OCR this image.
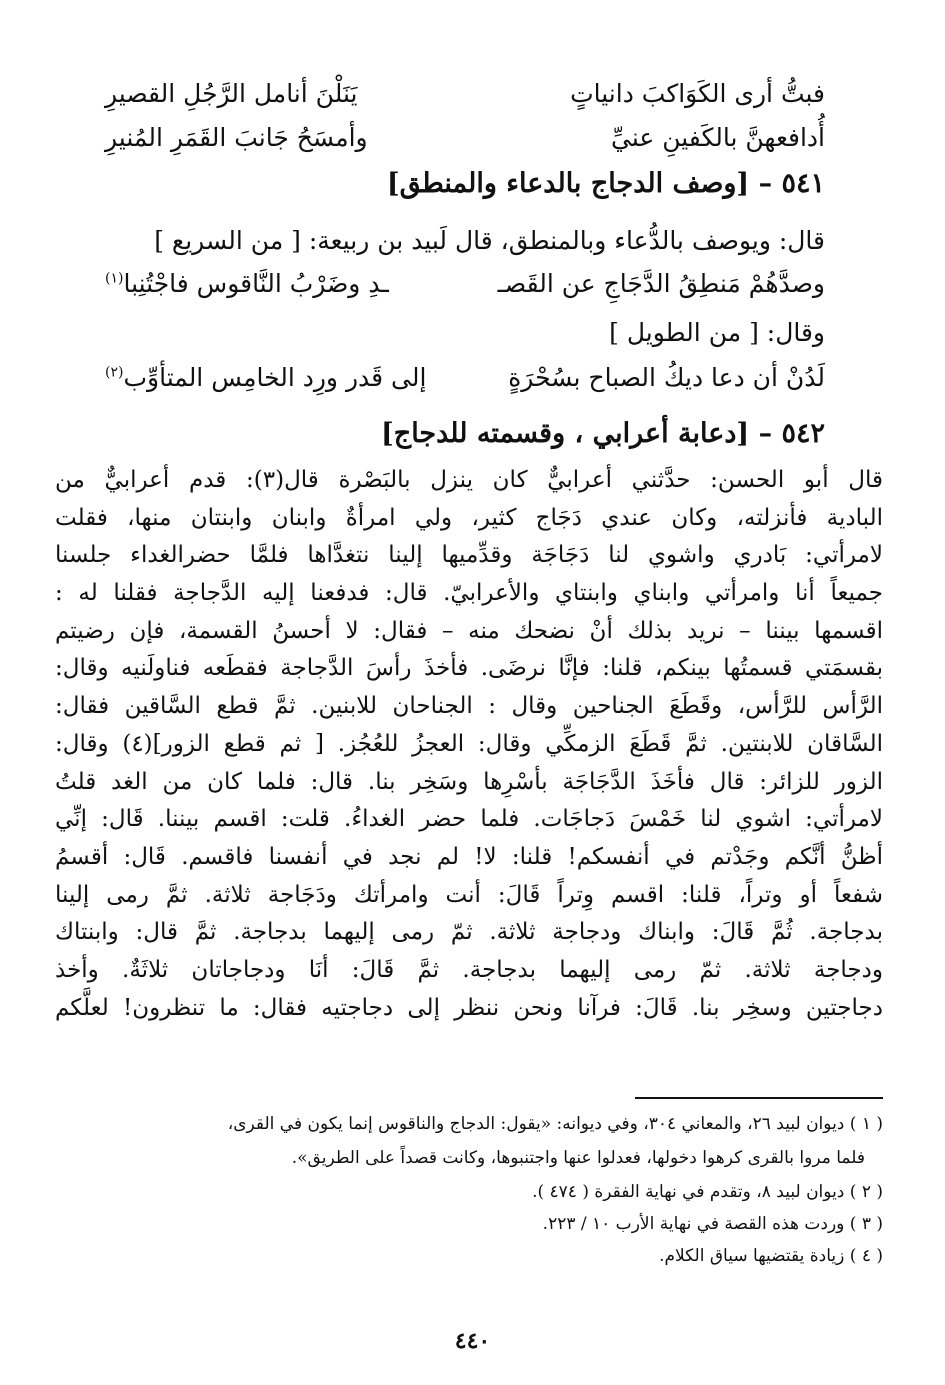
فبتُّ أرى الكَوَاكبَ دانياتٍ
يَنَلْنَ أنامل الرَّجُلِ القصيرِ
أُدافعهنَّ بالكَفينِ عنيِّ
وأمسَحُ جَانبَ القَمَرِ المُنيرِ
٥٤١ – [وصف الدجاج بالدعاء والمنطق]
قال: ويوصف بالدُّعاء وبالمنطق، قال لَبيد بن ربيعة: [ من السريع ]
وصدَّهُمْ مَنطِقُ الدَّجَاجِ عن القَصـ
ـدِ وضَرْبُ النَّاقوس فاجْتُنِبا$^{(١)}$
وقال: [ من الطويل ]
لَدُنْ أن دعا ديكُ الصباح بسُحْرَةٍ
إلى قَدر ورِد الخامِس المتأوِّب$^{(٢)}$
٥٤٢ – [دعابة أعرابي ، وقسمته للدجاج]
قال أبو الحسن: حدَّثني أعرابيٌّ كان ينزل بالبَصْرة قال(٣): قدم أعرابيٌّ من
البادية فأنزلته، وكان عندي دَجَاج كثير، ولي امرأةٌ وابنان وابنتان منها، فقلت
لامرأتي: بَادري واشوي لنا دَجَاجَة وقدِّميها إلينا نتغدَّاها فلمَّا حضرالغداء جلسنا
جميعاً أنا وامرأتي وابناي وابنتاي والأعرابيّ. قال: فدفعنا إليه الدَّجاجة فقلنا له :
اقسمها بيننا – نريد بذلك أنْ نضحك منه – فقال: لا أحسنُ القسمة، فإن رضيتم
بقسمَتي قسمتُها بينكم، قلنا: فإنَّا نرضَى. فأخذَ رأسَ الدَّجاجة فقطَعه فناولَنيه وقال:
الرَّأس للرَّأس، وقَطَعَ الجناحين وقال : الجناحان للابنين. ثمَّ قطع السَّاقين فقال:
السَّاقان للابنتين. ثمَّ قَطَعَ الزمكِّي وقال: العجزُ للعُجُز. [ ثم قطع الزور](٤) وقال:
الزور للزائر: قال فأخَذَ الدَّجَاجَة بأسْرِها وسَخِر بنا. قال: فلما كان من الغد قلتُ
لامرأتي: اشوي لنا خَمْسَ دَجاجَات. فلما حضر الغداءُ. قلت: اقسم بيننا. قَال: إنِّي
أظنُّ أنَّكم وجَدْتم في أنفسكم! قلنا: لا! لم نجد في أنفسنا فاقسم. قَال: أقسمُ
شفعاً أو وتراً، قلنا: اقسم وِتراً قَالَ: أنت وامرأتك ودَجَاجة ثلاثة. ثمَّ رمى إلينا
بدجاجة. ثُمَّ قَالَ: وابناك ودجاجة ثلاثة. ثمّ رمى إليهما بدجاجة. ثمَّ قال: وابنتاك
ودجاجة ثلاثة. ثمّ رمى إليهما بدجاجة. ثمَّ قَالَ: أنَا ودجاجاتان ثلاثَةٌ. وأخذ
دجاجتين وسخِر بنا. قَالَ: فرآنا ونحن ننظر إلى دجاجتيه فقال: ما تنظرون! لعلَّكم
( ١ ) ديوان لبيد ٢٦، والمعاني ٣٠٤، وفي ديوانه: «يقول: الدجاج والناقوس إنما يكون في القرى،
فلما مروا بالقرى كرهوا دخولها، فعدلوا عنها واجتنبوها، وكانت قصداً على الطريق».
( ٢ ) ديوان لبيد ٨، وتقدم في نهاية الفقرة ( ٤٧٤ ).
( ٣ ) وردت هذه القصة في نهاية الأرب ١٠ / ٢٢٣.
( ٤ ) زيادة يقتضيها سياق الكلام.
٤٤٠
